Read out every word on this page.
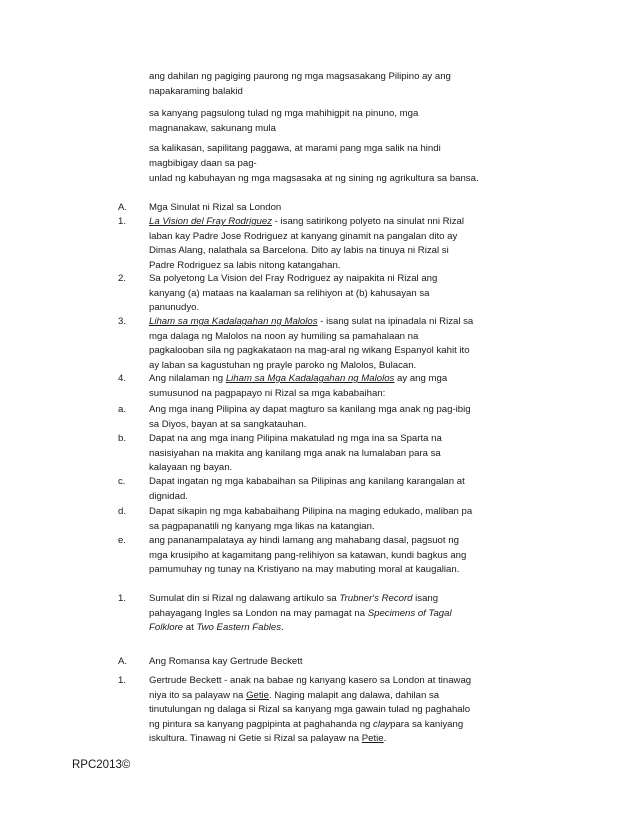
ang dahilan ng pagiging paurong ng mga magsasakang Pilipino ay ang napakaraming balakid

sa kanyang pagsulong tulad ng mga mahihigpit na pinuno, mga magnanakaw, sakunang mula

sa kalikasan, sapilitang paggawa, at marami pang mga salik na hindi magbibigay daan sa pag-

unlad ng kabuhayan ng mga magsasaka at ng sining ng agrikultura sa bansa.

A. Mga Sinulat ni Rizal sa London
1. La Vision del Fray Rodriguez - isang satirikong polyeto na sinulat nni Rizal laban kay Padre Jose Rodriguez at kanyang ginamit na pangalan dito ay Dimas Alang, nalathala sa Barcelona. Dito ay labis na tinuya ni Rizal si Padre Rodriguez sa labis nitong katangahan.

2. Sa polyetong La Vision del Fray Rodriguez ay naipakita ni Rizal ang kanyang (a) mataas na kaalaman sa relihiyon at (b) kahusayan sa panunudyo.

3. Liham sa mga Kadalagahan ng Malolos - isang sulat na ipinadala ni Rizal sa mga dalaga ng Malolos na noon ay humiling sa pamahalaan na pagkalooban sila ng pagkakataon na mag-aral ng wikang Espanyol kahit ito ay laban sa kagustuhan ng prayle paroko ng Malolos, Bulacan.

4. Ang nilalaman ng Liham sa Mga Kadalagahan ng Malolos ay ang mga sumusunod na pagpapayo ni Rizal sa mga kababaihan:

a. Ang mga inang Pilipina ay dapat magturo sa kanilang mga anak ng pag-ibig sa Diyos, bayan at sa sangkatauhan.

b. Dapat na ang mga inang Pilipina makatulad ng mga ina sa Sparta na nasisiyahan na makita ang kanilang mga anak na lumalaban para sa kalayaan ng bayan.

c. Dapat ingatan ng mga kababaihan sa Pilipinas ang kanilang karangalan at dignidad.

d. Dapat sikapin ng mga kababaihang Pilipina na maging edukado, maliban pa sa pagpapanatili ng kanyang mga likas na katangian.

e. ang pananampalataya ay hindi lamang ang mahabang dasal, pagsuot ng mga krusipiho at kagamitang pang-relihiyon sa katawan, kundi bagkus ang pamumuhay ng tunay na Kristiyano na may mabuting moral at kaugalian.

1. Sumulat din si Rizal ng dalawang artikulo sa Trubner's Record isang pahayagang Ingles sa London na may pamagat na Specimens of Tagal Folklore at Two Eastern Fables.

A. Ang Romansa kay Gertrude Beckett
1. Gertrude Beckett - anak na babae ng kanyang kasero sa London at tinawag niya ito sa palayaw na Getie. Naging malapit ang dalawa, dahilan sa tinutulungan ng dalaga si Rizal sa kanyang mga gawain tulad ng paghahalo ng pintura sa kanyang pagpipinta at paghahanda ng claypara sa kaniyang iskultura. Tinawag ni Getie si Rizal sa palayaw na Petie.

RPC2013©
